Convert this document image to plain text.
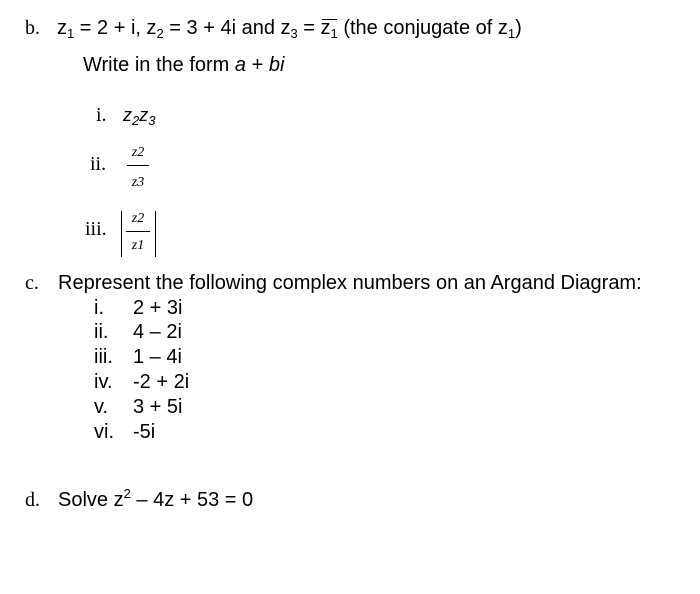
b. $z_1 = 2 + i$, $z_2 = 3 + 4i$ and $z_3 = z_1$ (the conjugate of $z_1$)
Write in the form a + bi
i. $z_2z_3$
ii.
z2
z3
iii.	z2
z1
c. Represent the following complex numbers on an Argand Diagram:
i. 2 + 3i
ii. 4 – 2i
iii. 1 – 4i
iv. -2 + 2i
v. 3 + 5i
vi. -5i
d. Solve $z^2 - 4z + 53 = 0$
